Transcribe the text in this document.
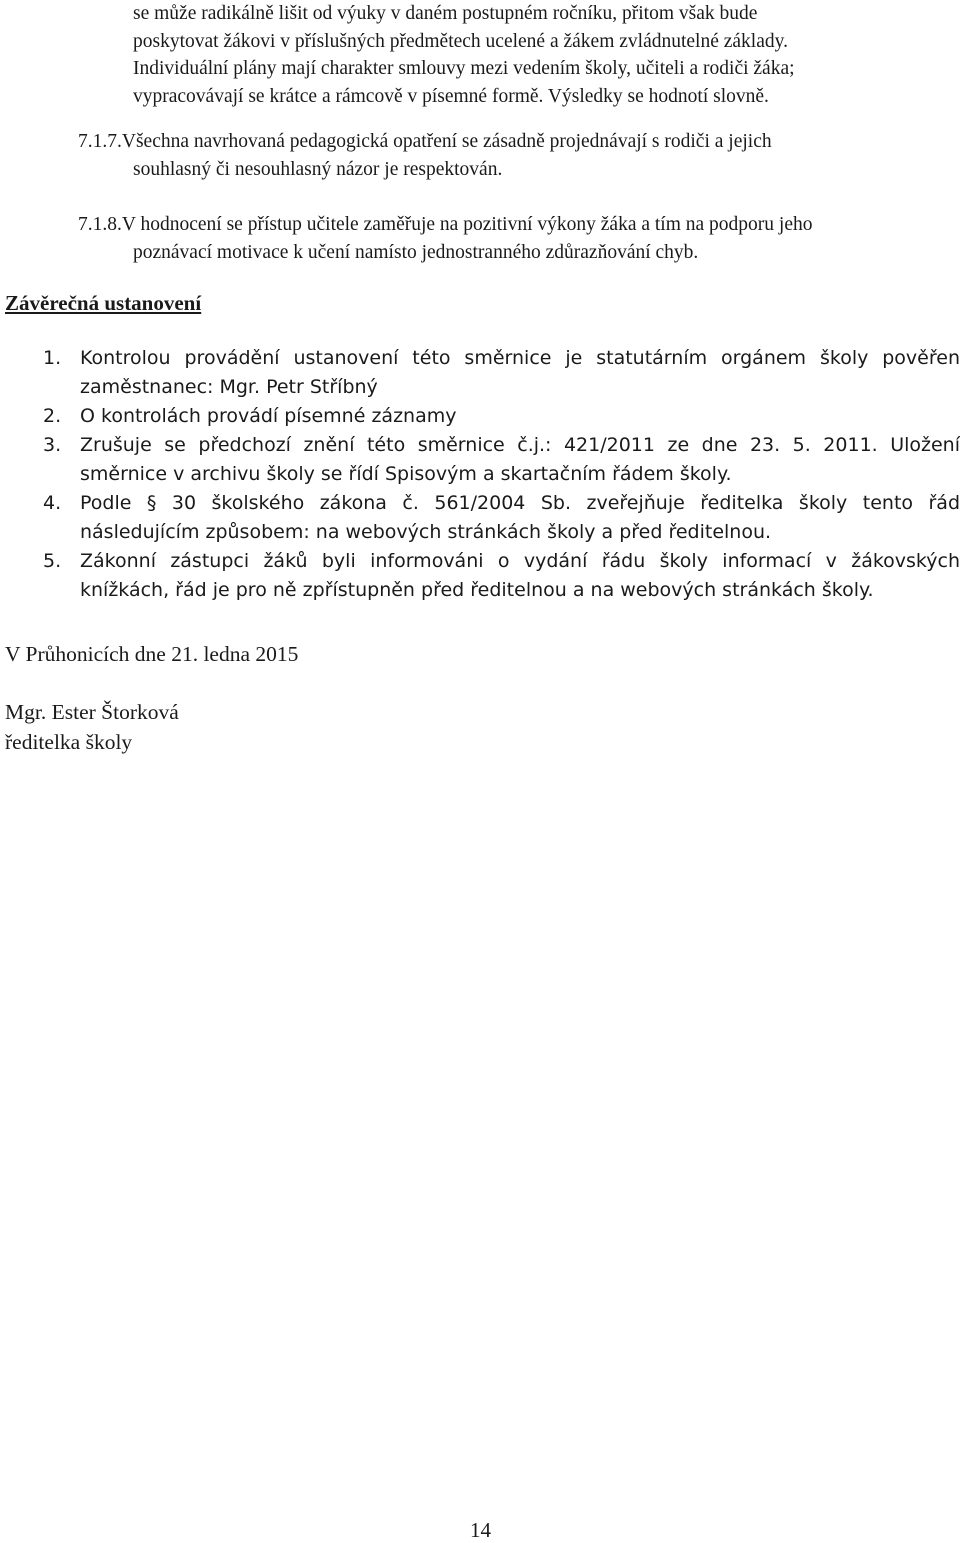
se může radikálně lišit od výuky v daném postupném ročníku, přitom však bude
poskytovat žákovi v příslušných předmětech ucelené a žákem zvládnutelné základy.
Individuální plány mají charakter smlouvy mezi vedením školy, učiteli a rodiči žáka;
vypracovávají se krátce a rámcově v písemné formě. Výsledky se hodnotí slovně.
7.1.7.Všechna navrhovaná pedagogická opatření se zásadně projednávají s rodiči a jejich
souhlasný či nesouhlasný názor je respektován.
7.1.8.V hodnocení se přístup učitele zaměřuje na pozitivní výkony žáka a tím na podporu jeho
poznávací motivace k učení namísto jednostranného zdůrazňování chyb.
Závěrečná ustanovení
1. Kontrolou provádění ustanovení této směrnice je statutárním orgánem školy pověřen zaměstnanec: Mgr. Petr Stříbný
2. O kontrolách provádí písemné záznamy
3. Zrušuje se předchozí znění této směrnice č.j.: 421/2011 ze dne 23. 5. 2011. Uložení směrnice v archivu školy se řídí Spisovým a skartačním řádem školy.
4. Podle § 30 školského zákona č. 561/2004 Sb. zveřejňuje ředitelka školy tento řád následujícím způsobem: na webových stránkách školy a před ředitelnou.
5. Zákonní zástupci žáků byli informováni o vydání řádu školy informací v žákovských knížkách, řád je pro ně zpřístupněn před ředitelnou a na webových stránkách školy.
V Průhonicích dne 21. ledna 2015
Mgr. Ester Štorková
ředitelka školy
14
